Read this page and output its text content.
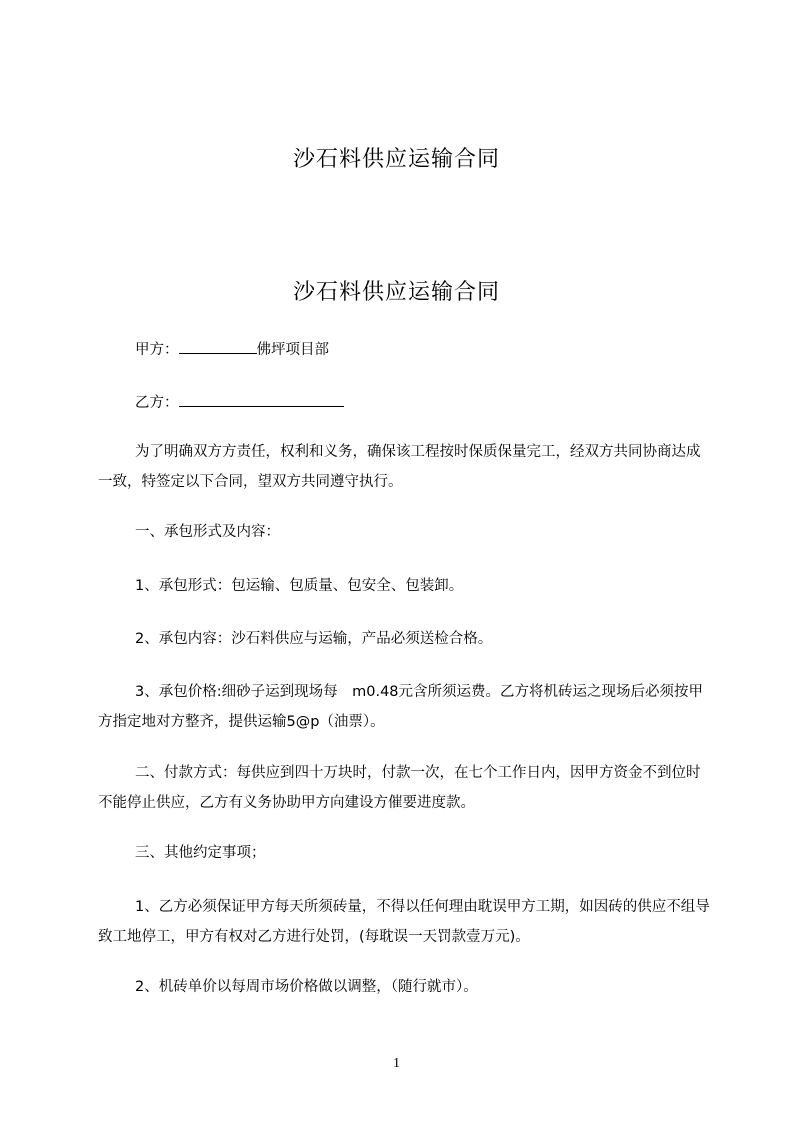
沙石料供应运输合同
沙石料供应运输合同
甲方：	佛坪项目部
乙方：

为了明确双方方责任，权利和义务，确保该工程按时保质保量完工，经双方共同协商达成一致，特签定以下合同，望双方共同遵守执行。

一、承包形式及内容：

1、承包形式：包运输、包质量、包安全、包装卸。

2、承包内容：沙石料供应与运输，产品必须送检合格。

3、承包价格:细砂子运到现场每　m0.48元含所须运费。乙方将机砖运之现场后必须按甲方指定地对方整齐，提供运输5@p（油票）。

二、付款方式：每供应到四十万块时，付款一次，在七个工作日内，因甲方资金不到位时不能停止供应，乙方有义务协助甲方向建设方催要进度款。

三、其他约定事项；

1、乙方必须保证甲方每天所须砖量，不得以任何理由耽误甲方工期，如因砖的供应不组导致工地停工，甲方有权对乙方进行处罚，(每耽误一天罚款壹万元)。

2、机砖单价以每周市场价格做以调整，（随行就市）。

1
